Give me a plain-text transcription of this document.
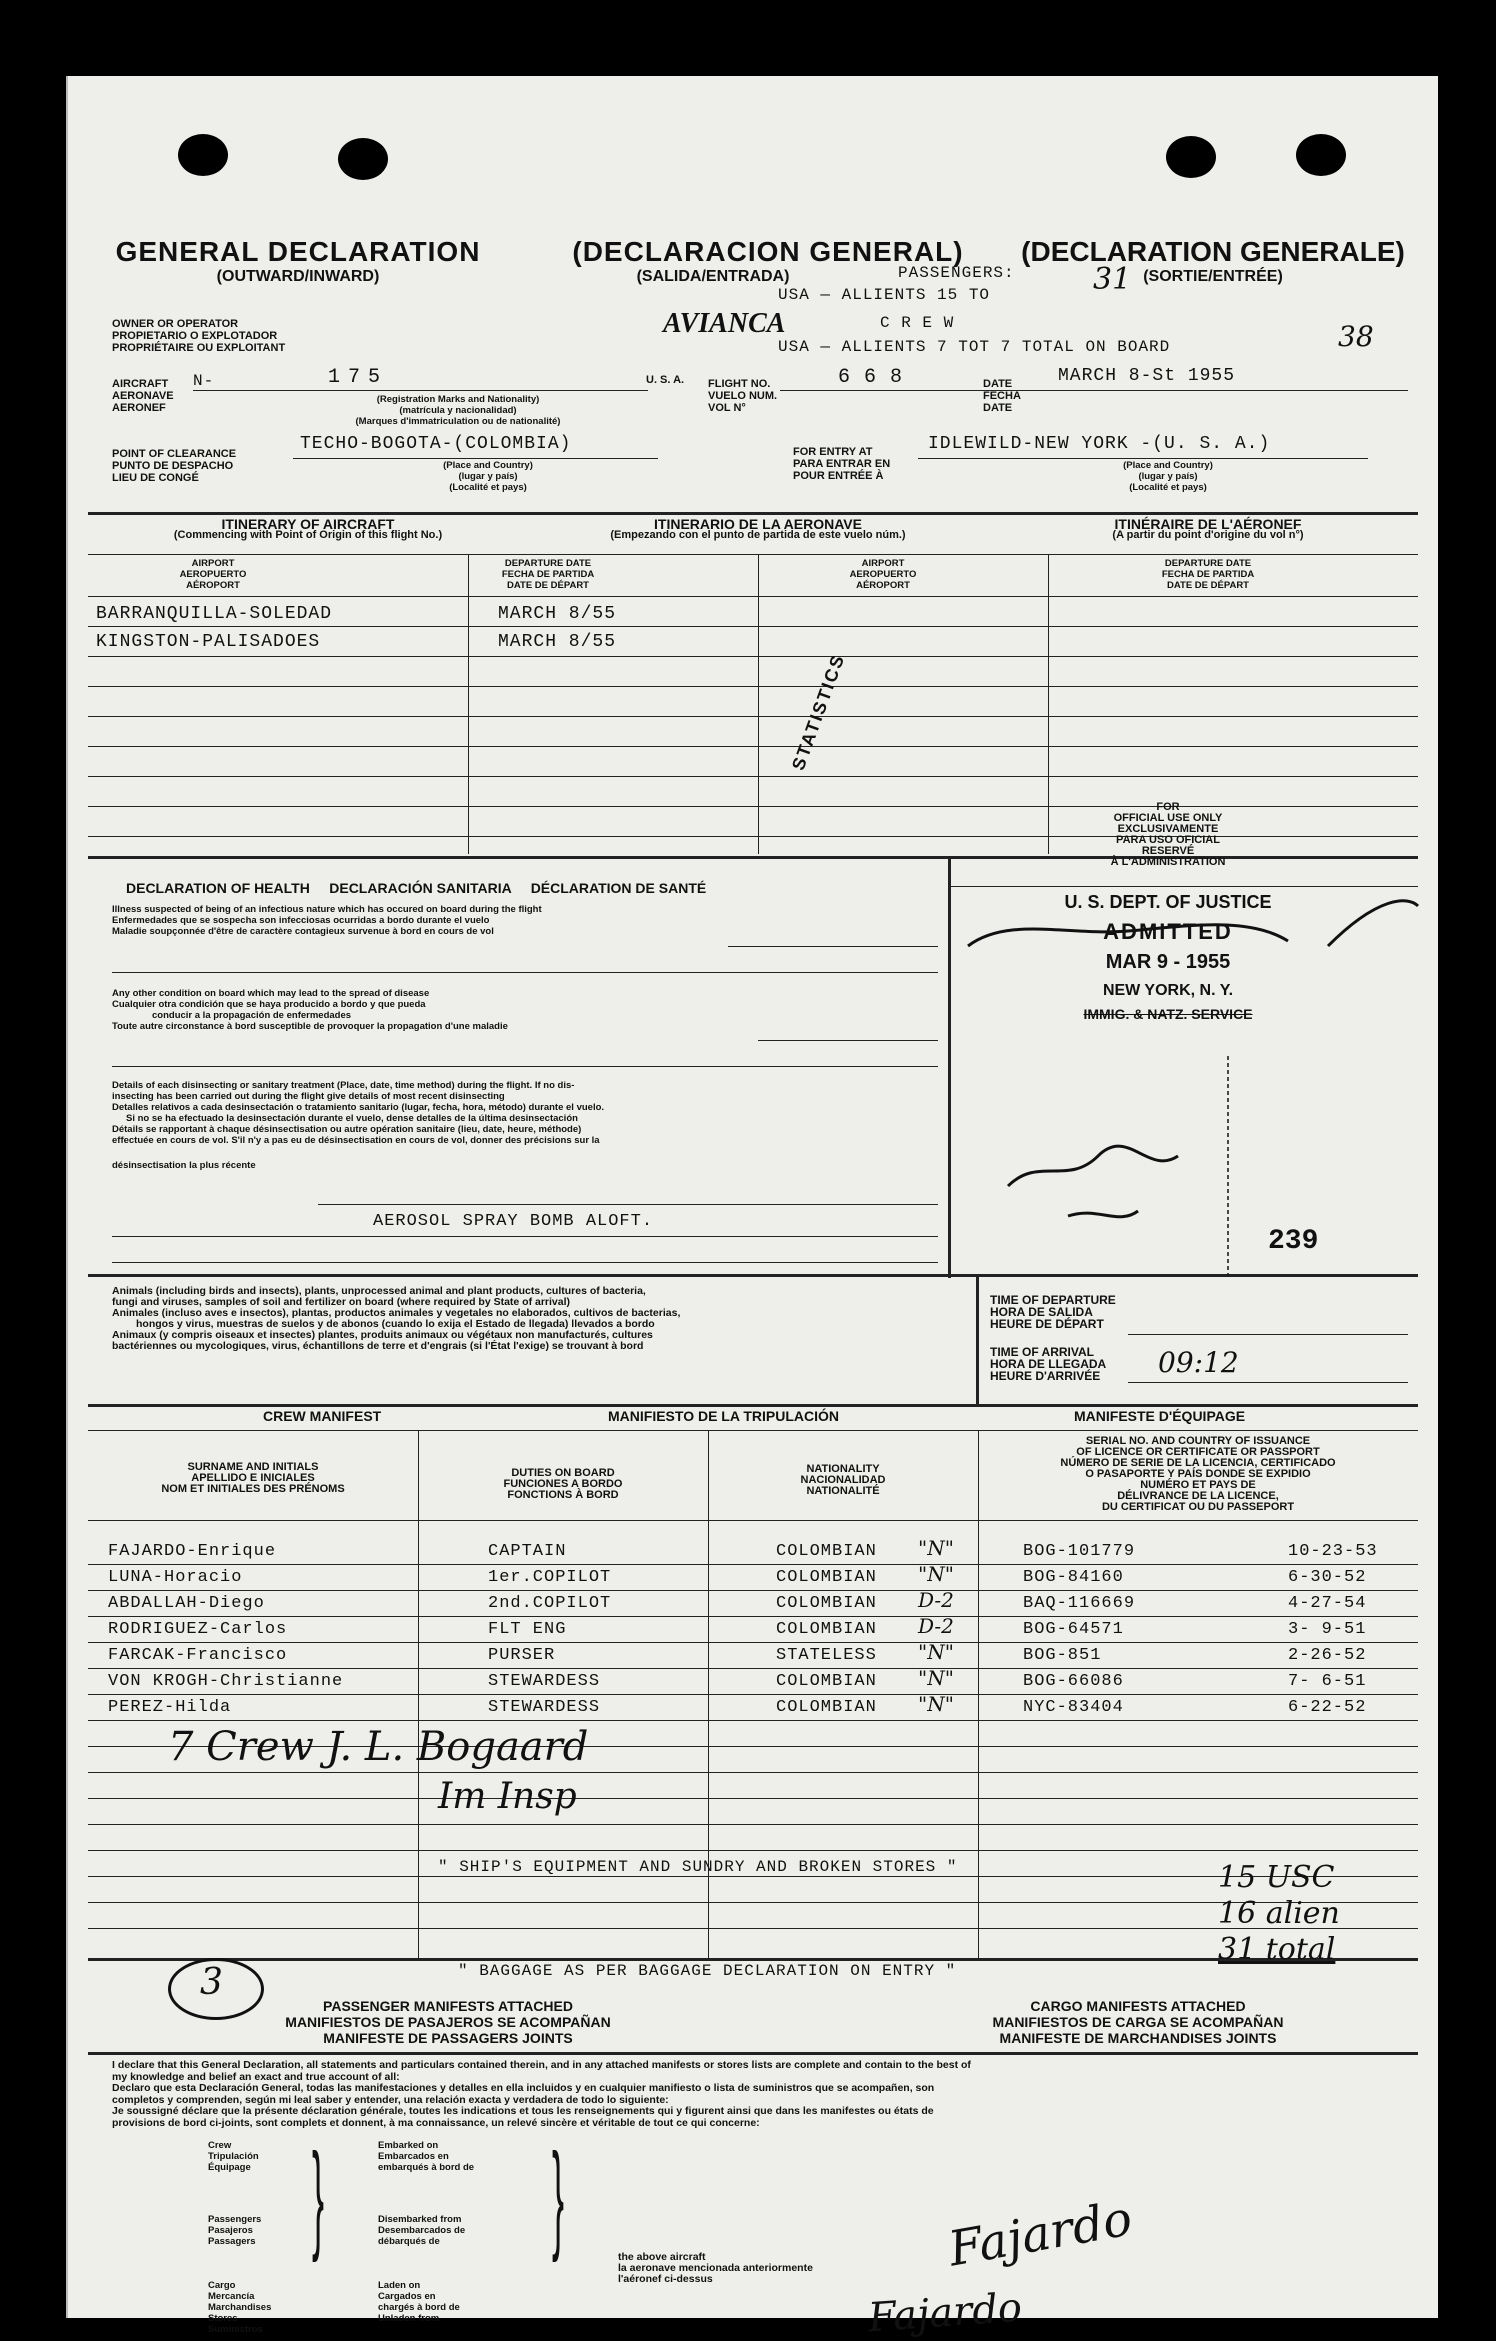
GENERAL DECLARATION
(OUTWARD/INWARD)
(DECLARACION GENERAL)
(SALIDA/ENTRADA)
(DECLARATION GENERALE)
(SORTIE/ENTRÉE)
PASSENGERS:
USA — ALLIENTS 15 TO	31
OWNER OR OPERATOR
PROPIETARIO O EXPLOTADOR
PROPRIÉTAIRE OU EXPLOITANT
AVIANCA	C R E W
USA — ALLIENTS 7 TOT 7 TOTAL ON BOARD	38
AIRCRAFT
AERONAVE
AERONEF
N-	175
(Registration Marks and Nationality)
(matrícula y nacionalidad)
(Marques d'immatriculation ou de nationalité)
U. S. A. FLIGHT NO.
VUELO NUM.
VOL N°
6 6 8	DATE
FECHA
DATE
MARCH 8-St 1955
POINT OF CLEARANCE
PUNTO DE DESPACHO
LIEU DE CONGÉ
TECHO-BOGOTA-(COLOMBIA)
(Place and Country)
(lugar y país)
(Localité et pays)
FOR ENTRY AT
PARA ENTRAR EN
POUR ENTRÉE À
IDLEWILD-NEW YORK -(U. S. A.)
(Place and Country)
(lugar y país)
(Localité et pays)
ITINERARY OF AIRCRAFT
(Commencing with Point of Origin of this flight No.)
ITINERARIO DE LA AERONAVE
(Empezando con el punto de partida de este vuelo núm.)
ITINÉRAIRE DE L'AÉRONEF
(A partir du point d'origine du vol n°)
AIRPORT
AEROPUERTO
AÉROPORT
DEPARTURE DATE
FECHA DE PARTIDA
DATE DE DÉPART
AIRPORT
AEROPUERTO
AÉROPORT
DEPARTURE DATE
FECHA DE PARTIDA
DATE DE DÉPART
BARRANQUILLA-SOLEDAD	MARCH 8/55
KINGSTON-PALISADOES	MARCH 8/55
STATISTICS
DECLARATION OF HEALTH     DECLARACIÓN SANITARIA     DÉCLARATION DE SANTÉ
Illness suspected of being of an infectious nature which has occured on board during the flight
Enfermedades que se sospecha son infecciosas ocurridas a bordo durante el vuelo
Maladie soupçonnée d'être de caractère contagieux survenue à bord en cours de vol
Any other condition on board which may lead to the spread of disease
Cualquier otra condición que se haya producido a bordo y que pueda
conducir a la propagación de enfermedades
Toute autre circonstance à bord susceptible de provoquer la propagation d'une maladie
Details of each disinsecting or sanitary treatment (Place, date, time method) during the flight. If no dis-
insecting has been carried out during the flight give details of most recent disinsecting
Detalles relativos a cada desinsectación o tratamiento sanitario (lugar, fecha, hora, método) durante el vuelo.
Si no se ha efectuado la desinsectación durante el vuelo, dense detalles de la última desinsectación
Détails se rapportant à chaque désinsectisation ou autre opération sanitaire (lieu, date, heure, méthode)
effectuée en cours de vol. S'il n'y a pas eu de désinsectisation en cours de vol, donner des précisions sur la
désinsectisation la plus récente
AEROSOL SPRAY BOMB ALOFT.
FOR
OFFICIAL USE ONLY
EXCLUSIVAMENTE
PARA USO OFICIAL
RESERVÉ
À L'ADMINISTRATION
U. S. DEPT. OF JUSTICE
ADMITTED
MAR 9 - 1955
NEW YORK, N. Y.
IMMIG. & NATZ. SERVICE
239
Animals (including birds and insects), plants, unprocessed animal and plant products, cultures of bacteria,
fungi and viruses, samples of soil and fertilizer on board (where required by State of arrival)
Animales (incluso aves e insectos), plantas, productos animales y vegetales no elaborados, cultivos de bacterias,
hongos y virus, muestras de suelos y de abonos (cuando lo exija el Estado de llegada) llevados a bordo
Animaux (y compris oiseaux et insectes) plantes, produits animaux ou végétaux non manufacturés, cultures
bactériennes ou mycologiques, virus, échantillons de terre et d'engrais (si l'État l'exige) se trouvant à bord
TIME OF DEPARTURE
HORA DE SALIDA
HEURE DE DÉPART
TIME OF ARRIVAL
HORA DE LLEGADA
HEURE D'ARRIVÉE 09:12
CREW MANIFEST	MANIFIESTO DE LA TRIPULACIÓN	MANIFESTE D'ÉQUIPAGE
SURNAME AND INITIALS
APELLIDO E INICIALES
NOM ET INITIALES DES PRÉNOMS
DUTIES ON BOARD
FUNCIONES A BORDO
FONCTIONS À BORD
NATIONALITY
NACIONALIDAD
NATIONALITÉ
SERIAL NO. AND COUNTRY OF ISSUANCE
OF LICENCE OR CERTIFICATE OR PASSPORT
NÚMERO DE SERIE DE LA LICENCIA, CERTIFICADO
O PASAPORTE Y PAÍS DONDE SE EXPIDIO
NUMÉRO ET PAYS DE
DÉLIVRANCE DE LA LICENCE,
DU CERTIFICAT OU DU PASSEPORT
FAJARDO-Enrique	CAPTAIN	COLOMBIAN "N"	BOG-101779	10-23-53
LUNA-Horacio	1er.COPILOT	COLOMBIAN "N"	BOG-84160	6-30-52
ABDALLAH-Diego	2nd.COPILOT	COLOMBIAN D-2	BAQ-116669	4-27-54
RODRIGUEZ-Carlos	FLT ENG	COLOMBIAN D-2	BOG-64571	3- 9-51
FARCAK-Francisco	PURSER	STATELESS "N"	BOG-851	2-26-52
VON KROGH-Christianne	STEWARDESS	COLOMBIAN "N"	BOG-66086	7- 6-51
PEREZ-Hilda	STEWARDESS	COLOMBIAN "N"	NYC-83404	6-22-52
7 Crew J. L. Bogaard
Im Insp
" SHIP'S EQUIPMENT AND SUNDRY AND BROKEN STORES "
" BAGGAGE AS PER BAGGAGE DECLARATION ON ENTRY "
15 USC
16 alien
31 total
3
PASSENGER MANIFESTS ATTACHED
MANIFIESTOS DE PASAJEROS SE ACOMPAÑAN
MANIFESTE DE PASSAGERS JOINTS
CARGO MANIFESTS ATTACHED
MANIFIESTOS DE CARGA SE ACOMPAÑAN
MANIFESTE DE MARCHANDISES JOINTS
I declare that this General Declaration, all statements and particulars contained therein, and in any attached manifests or stores lists are complete and contain to the best of
my knowledge and belief an exact and true account of all:
Declaro que esta Declaración General, todas las manifestaciones y detalles en ella incluidos y en cualquier manifiesto o lista de suministros que se acompañen, son
completos y comprenden, según mi leal saber y entender, una relación exacta y verdadera de todo lo siguiente:
Je soussigné déclare que la présente déclaration générale, toutes les indications et tous les renseignements qui y figurent ainsi que dans les manifestes ou états de
provisions de bord ci-joints, sont complets et donnent, à ma connaissance, un relevé sincère et véritable de tout ce qui concerne:
Crew
Tripulación
Équipage
Passengers
Pasajeros
Passagers
Cargo
Mercancía
Marchandises
Stores
Suministros
}	Embarked on
Embarcados en
embarqués à bord de
Disembarked from
Desembarcados de
débarqués de
Laden on
Cargados en
chargés à bord de
Unladen from
}	the above aircraft
la aeronave mencionada anteriormente
l'aéronef ci-dessus
Fajardo
Fajardo
